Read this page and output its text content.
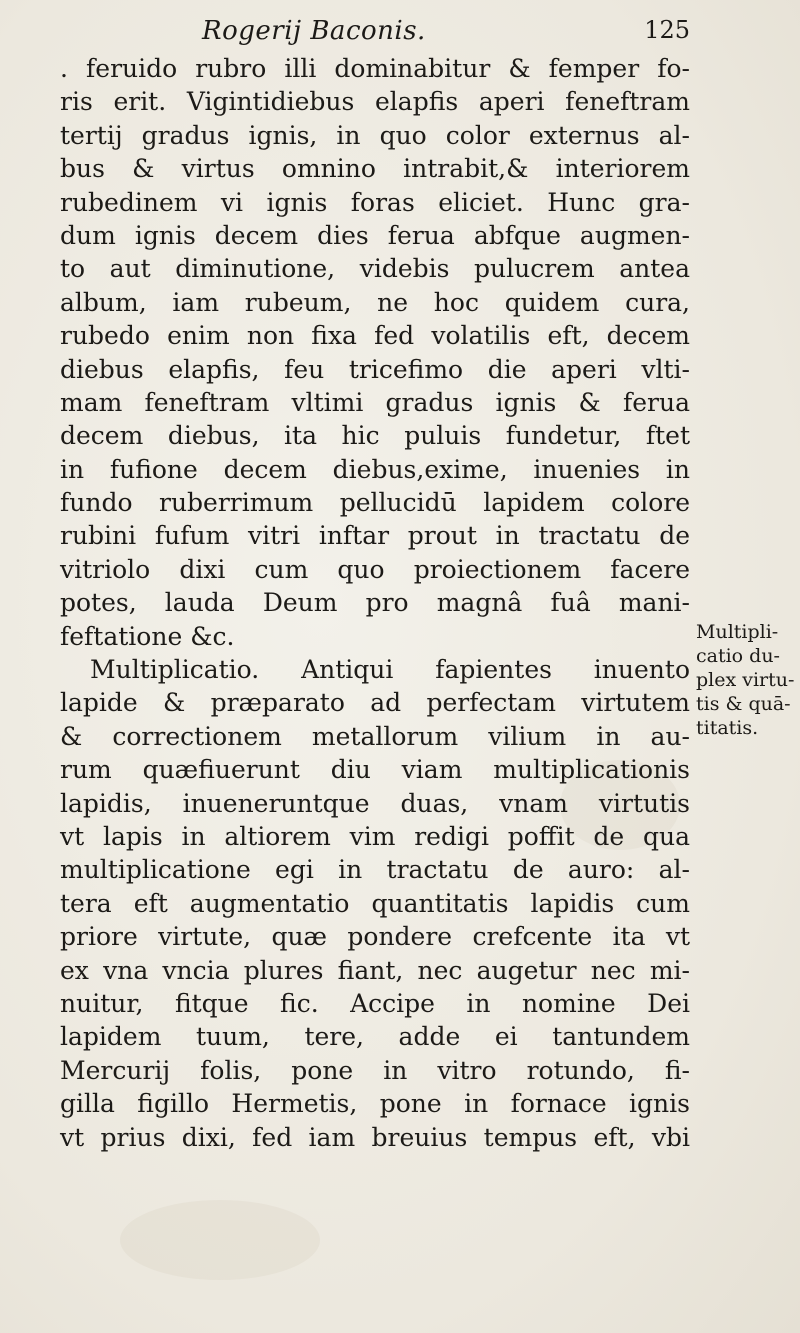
Rogerij Baconis.	125
. feruido rubro illi dominabitur & femper fo-
ris erit. Vigintidiebus elapfis aperi feneftram
tertij gradus ignis, in quo color externus al-
bus & virtus omnino intrabit,& interiorem
rubedinem vi ignis foras eliciet. Hunc gra-
dum ignis decem dies ferua abfque augmen-
to aut diminutione, videbis pulucrem antea
album, iam rubeum, ne hoc quidem cura,
rubedo enim non fixa fed volatilis eft, decem
diebus elapfis, feu tricefimo die aperi vlti-
mam feneftram vltimi gradus ignis & ferua
decem diebus, ita hic puluis fundetur, ftet
in fufione decem diebus,exime, inuenies in
fundo ruberrimum pellucidū lapidem colore
rubini fufum vitri inftar prout in tractatu de
vitriolo dixi cum quo proiectionem facere
potes, lauda Deum pro magnâ fuâ mani-
feftatione &c.
Multiplicatio. Antiqui fapientes inuento
lapide & præparato ad perfectam virtutem
& correctionem metallorum vilium in au-
rum quæfiuerunt diu viam multiplicationis
lapidis, inueneruntque duas, vnam virtutis
vt lapis in altiorem vim redigi poffit de qua
multiplicatione egi in tractatu de auro: al-
tera eft augmentatio quantitatis lapidis cum
priore virtute, quæ pondere crefcente ita vt
ex vna vncia plures fiant, nec augetur nec mi-
nuitur, fitque fic. Accipe in nomine Dei
lapidem tuum, tere, adde ei tantundem
Mercurij folis, pone in vitro rotundo, fi-
gilla figillo Hermetis, pone in fornace ignis
vt prius dixi, fed iam breuius tempus eft, vbi
Multipli-
catio du-
plex virtu-
tis & quā-
titatis.
